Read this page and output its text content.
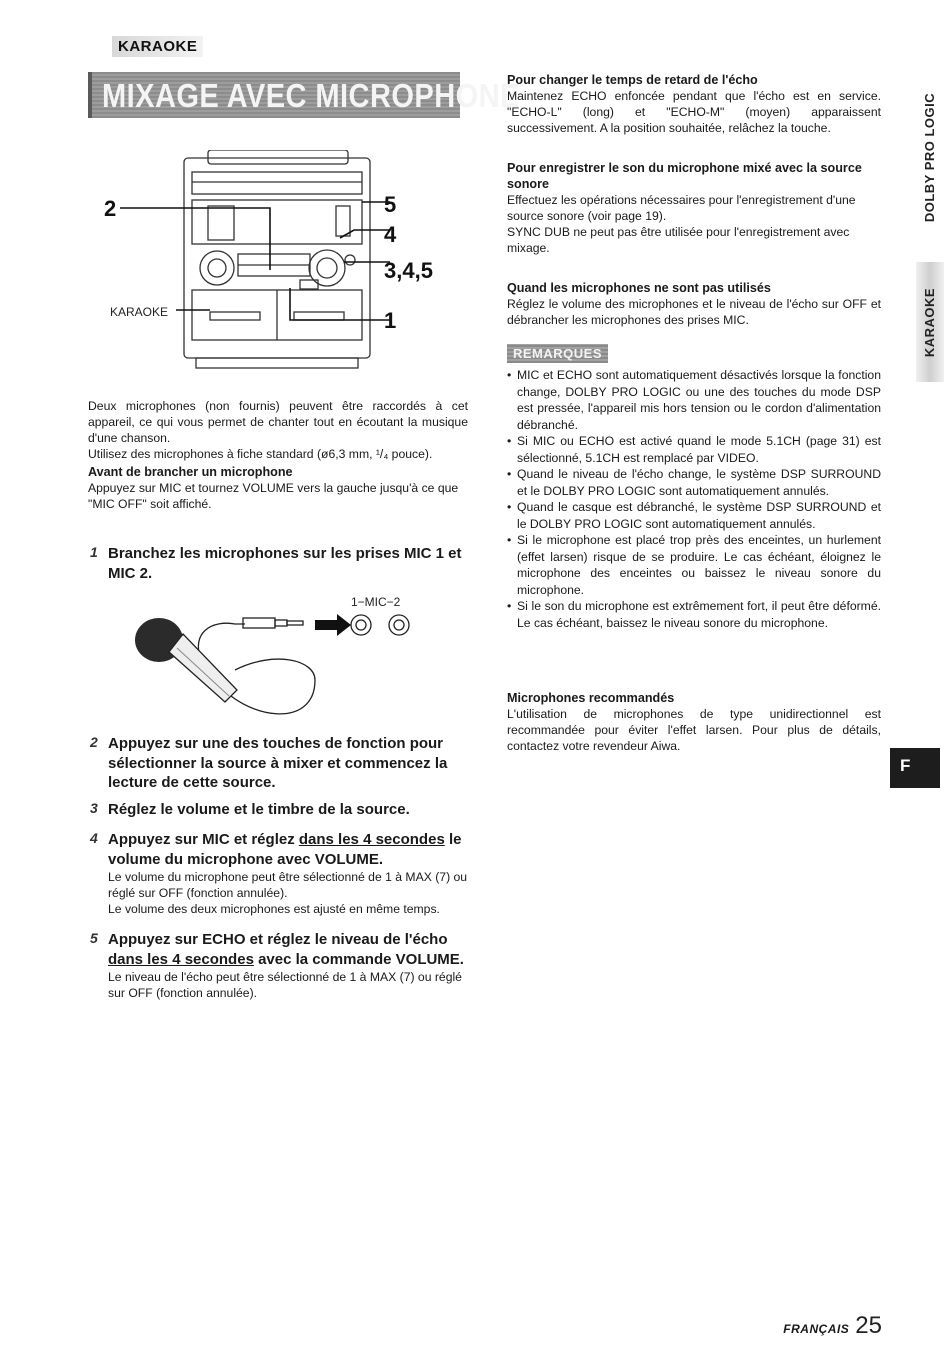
KARAOKE
MIXAGE AVEC MICROPHONE
2	5
4
3,4,5
1
KARAOKE

Deux microphones (non fournis) peuvent être raccordés à cet appareil, ce qui vous permet de chanter tout en écoutant la musique d'une chanson.

Utilisez des microphones à fiche standard (ø6,3 mm, ¹/₄ pouce).

Avant de brancher un microphone

Appuyez sur MIC et tournez VOLUME vers la gauche jusqu'à ce que "MIC OFF" soit affiché.

1 Branchez les microphones sur les prises MIC 1 et MIC 2.
1−MIC−2
2 Appuyez sur une des touches de fonction pour sélectionner la source à mixer et commencez la lecture de cette source.
3 Réglez le volume et le timbre de la source.
4 Appuyez sur MIC et réglez dans les 4 secondes le volume du microphone avec VOLUME.

Le volume du microphone peut être sélectionné de 1 à MAX (7) ou réglé sur OFF (fonction annulée).

Le volume des deux microphones est ajusté en même temps.

5 Appuyez sur ECHO et réglez le niveau de l'écho dans les 4 secondes avec la commande VOLUME.

Le niveau de l'écho peut être sélectionné de 1 à MAX (7) ou réglé sur OFF (fonction annulée).

Pour changer le temps de retard de l'écho

Maintenez ECHO enfoncée pendant que l'écho est en service. "ECHO-L" (long) et "ECHO-M" (moyen) apparaissent successivement. A la position souhaitée, relâchez la touche.

Pour enregistrer le son du microphone mixé avec la source sonore

Effectuez les opérations nécessaires pour l'enregistrement d'une source sonore (voir page 19).

SYNC DUB ne peut pas être utilisée pour l'enregistrement avec mixage.

Quand les microphones ne sont pas utilisés

Réglez le volume des microphones et le niveau de l'écho sur OFF et débrancher les microphones des prises MIC.

REMARQUES
• MIC et ECHO sont automatiquement désactivés lorsque la fonction change, DOLBY PRO LOGIC ou une des touches du mode DSP est pressée, l'appareil mis hors tension ou le cordon d'alimentation débranché.
• Si MIC ou ECHO est activé quand le mode 5.1CH (page 31) est sélectionné, 5.1CH est remplacé par VIDEO.
• Quand le niveau de l'écho change, le système DSP SURROUND et le DOLBY PRO LOGIC sont automatiquement annulés.
• Quand le casque est débranché, le système DSP SURROUND et le DOLBY PRO LOGIC sont automatiquement annulés.
• Si le microphone est placé trop près des enceintes, un hurlement (effet larsen) risque de se produire. Le cas échéant, éloignez le microphone des enceintes ou baissez le niveau sonore du microphone.
• Si le son du microphone est extrêmement fort, il peut être déformé. Le cas échéant, baissez le niveau sonore du microphone.

Microphones recommandés

L'utilisation de microphones de type unidirectionnel est recommandée pour éviter l'effet larsen. Pour plus de détails, contactez votre revendeur Aiwa.

DOLBY PRO LOGIC
KARAOKE
F
FRANÇAIS 25
